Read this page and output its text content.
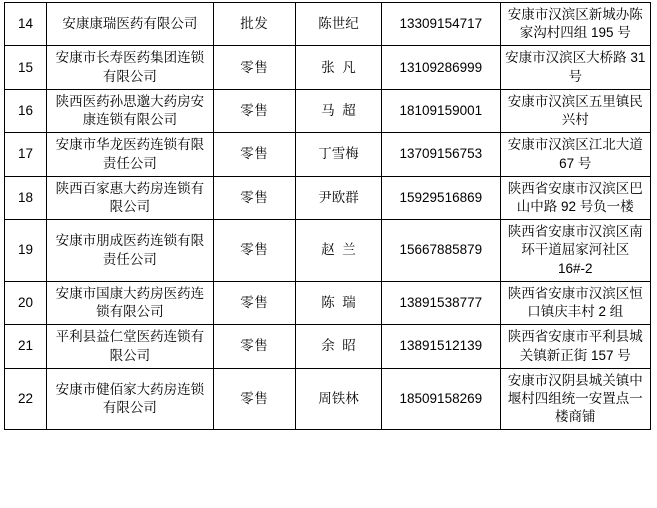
14	安康康瑞医药有限公司	批发	陈世纪	13309154717	安康市汉滨区新城办陈家沟村四组 195 号
15	安康市长寿医药集团连锁有限公司	零售	张凡	13109286999	安康市汉滨区大桥路 31 号
16	陕西医药孙思邈大药房安康连锁有限公司	零售	马超	18109159001	安康市汉滨区五里镇民兴村
17	安康市华龙医药连锁有限责任公司	零售	丁雪梅	13709156753	安康市汉滨区江北大道 67 号
18	陕西百家惠大药房连锁有限公司	零售	尹欧群	15929516869	陕西省安康市汉滨区巴山中路 92 号负一楼
19	安康市朋成医药连锁有限责任公司	零售	赵兰	15667885879	陕西省安康市汉滨区南环干道屈家河社区 16#-2
20	安康市国康大药房医药连锁有限公司	零售	陈瑞	13891538777	陕西省安康市汉滨区恒口镇庆丰村 2 组
21	平利县益仁堂医药连锁有限公司	零售	余昭	13891512139	陕西省安康市平利县城关镇新正街 157 号
22	安康市健佰家大药房连锁有限公司	零售	周铁林	18509158269	安康市汉阴县城关镇中堰村四组统一安置点一楼商铺
